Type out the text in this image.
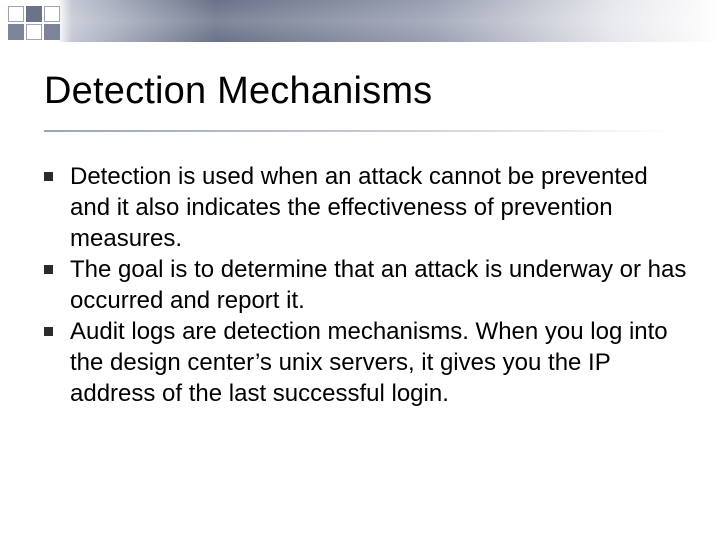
Detection Mechanisms
Detection is used when an attack cannot be prevented and it also indicates the effectiveness of prevention measures.
The goal is to determine that an attack is underway or has occurred and report it.
Audit logs are detection mechanisms. When you log into the design center’s unix servers, it gives you the IP address of the last successful login.
